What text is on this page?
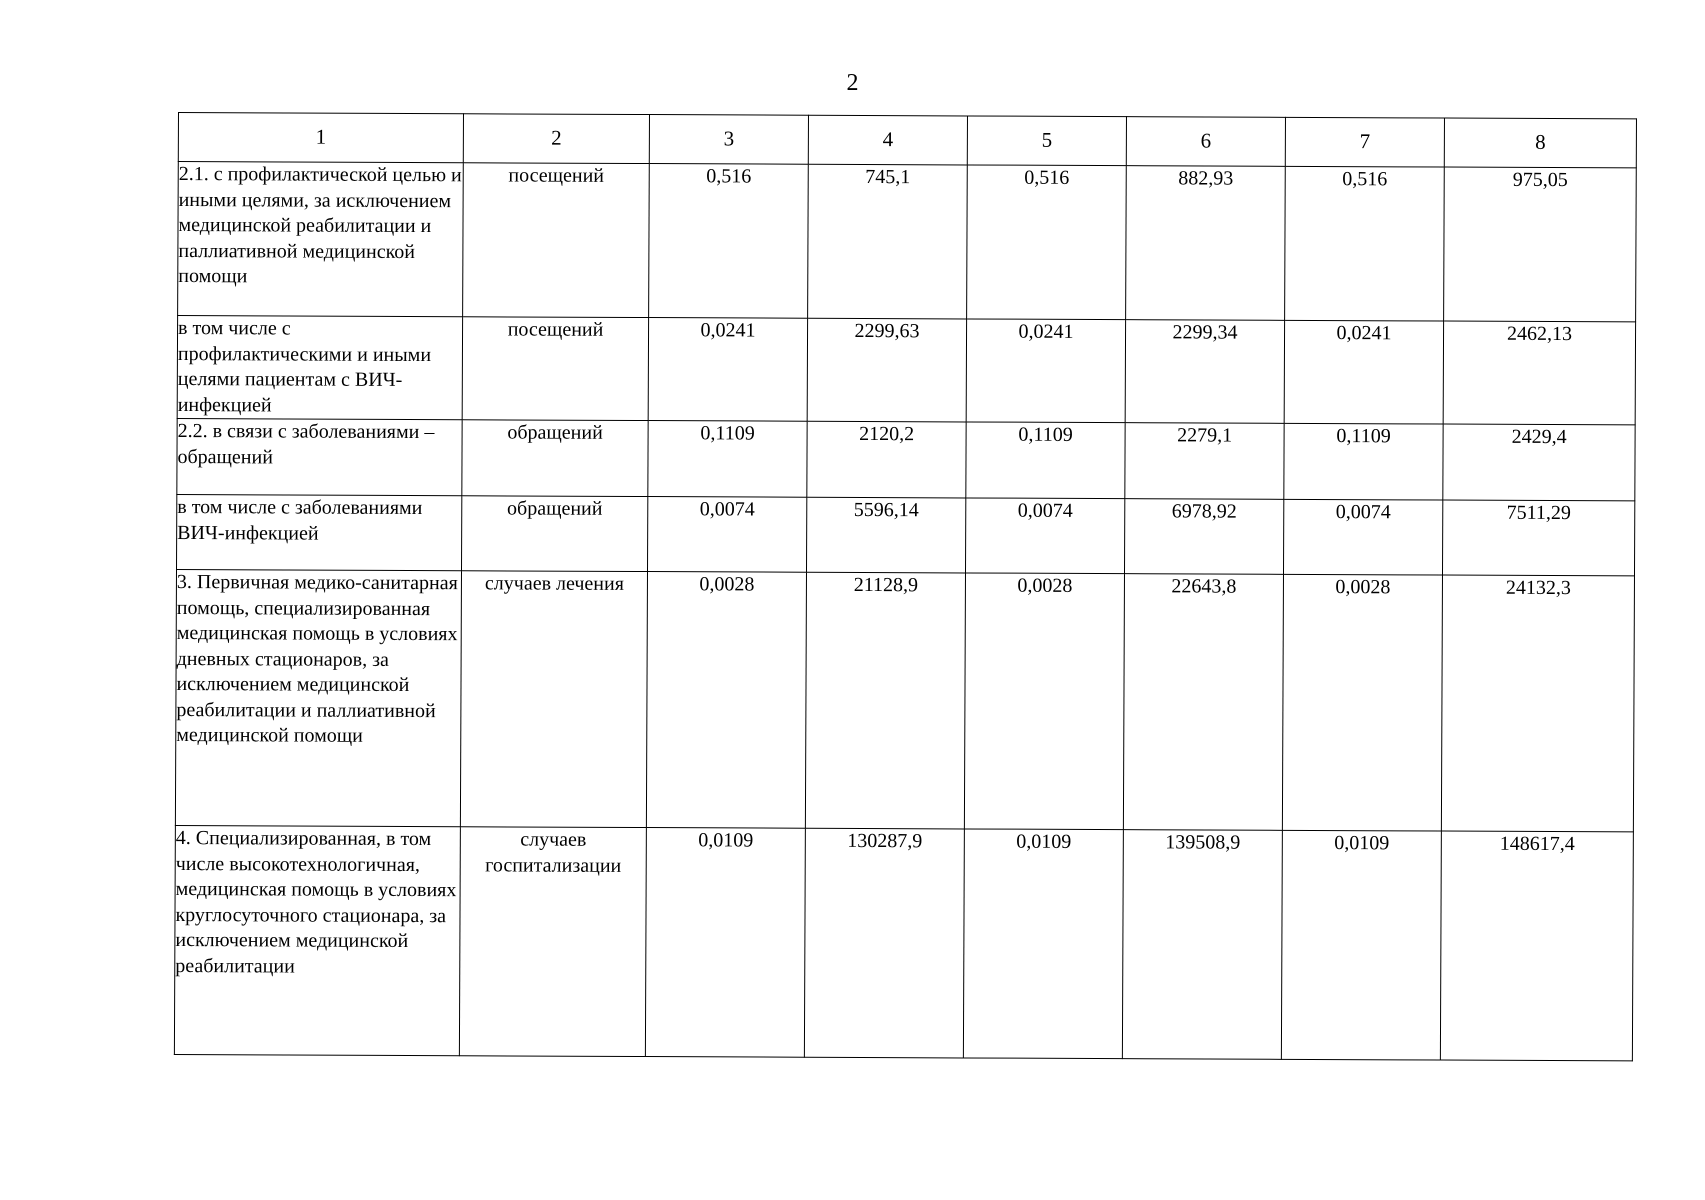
2
1	2	3	4	5	6	7	8
2.1. с профилактической целью и иными целями, за исключением медицинской реабилитации и паллиативной медицинской помощи	посещений	0,516	745,1	0,516	882,93	0,516	975,05
в том числе с профилактическими и иными целями пациентам с ВИЧ-инфекцией	посещений	0,0241	2299,63	0,0241	2299,34	0,0241	2462,13
2.2. в связи с заболеваниями – обращений	обращений	0,1109	2120,2	0,1109	2279,1	0,1109	2429,4
в том числе с заболеваниями ВИЧ-инфекцией	обращений	0,0074	5596,14	0,0074	6978,92	0,0074	7511,29
3. Первичная медико-санитарная помощь, специализированная медицинская помощь в условиях дневных стационаров, за исключением медицинской реабилитации и паллиативной медицинской помощи	случаев лечения	0,0028	21128,9	0,0028	22643,8	0,0028	24132,3
4. Специализированная, в том числе высокотехнологичная, медицинская помощь в условиях круглосуточного стационара, за исключением медицинской реабилитации	случаев госпитализации	0,0109	130287,9	0,0109	139508,9	0,0109	148617,4
